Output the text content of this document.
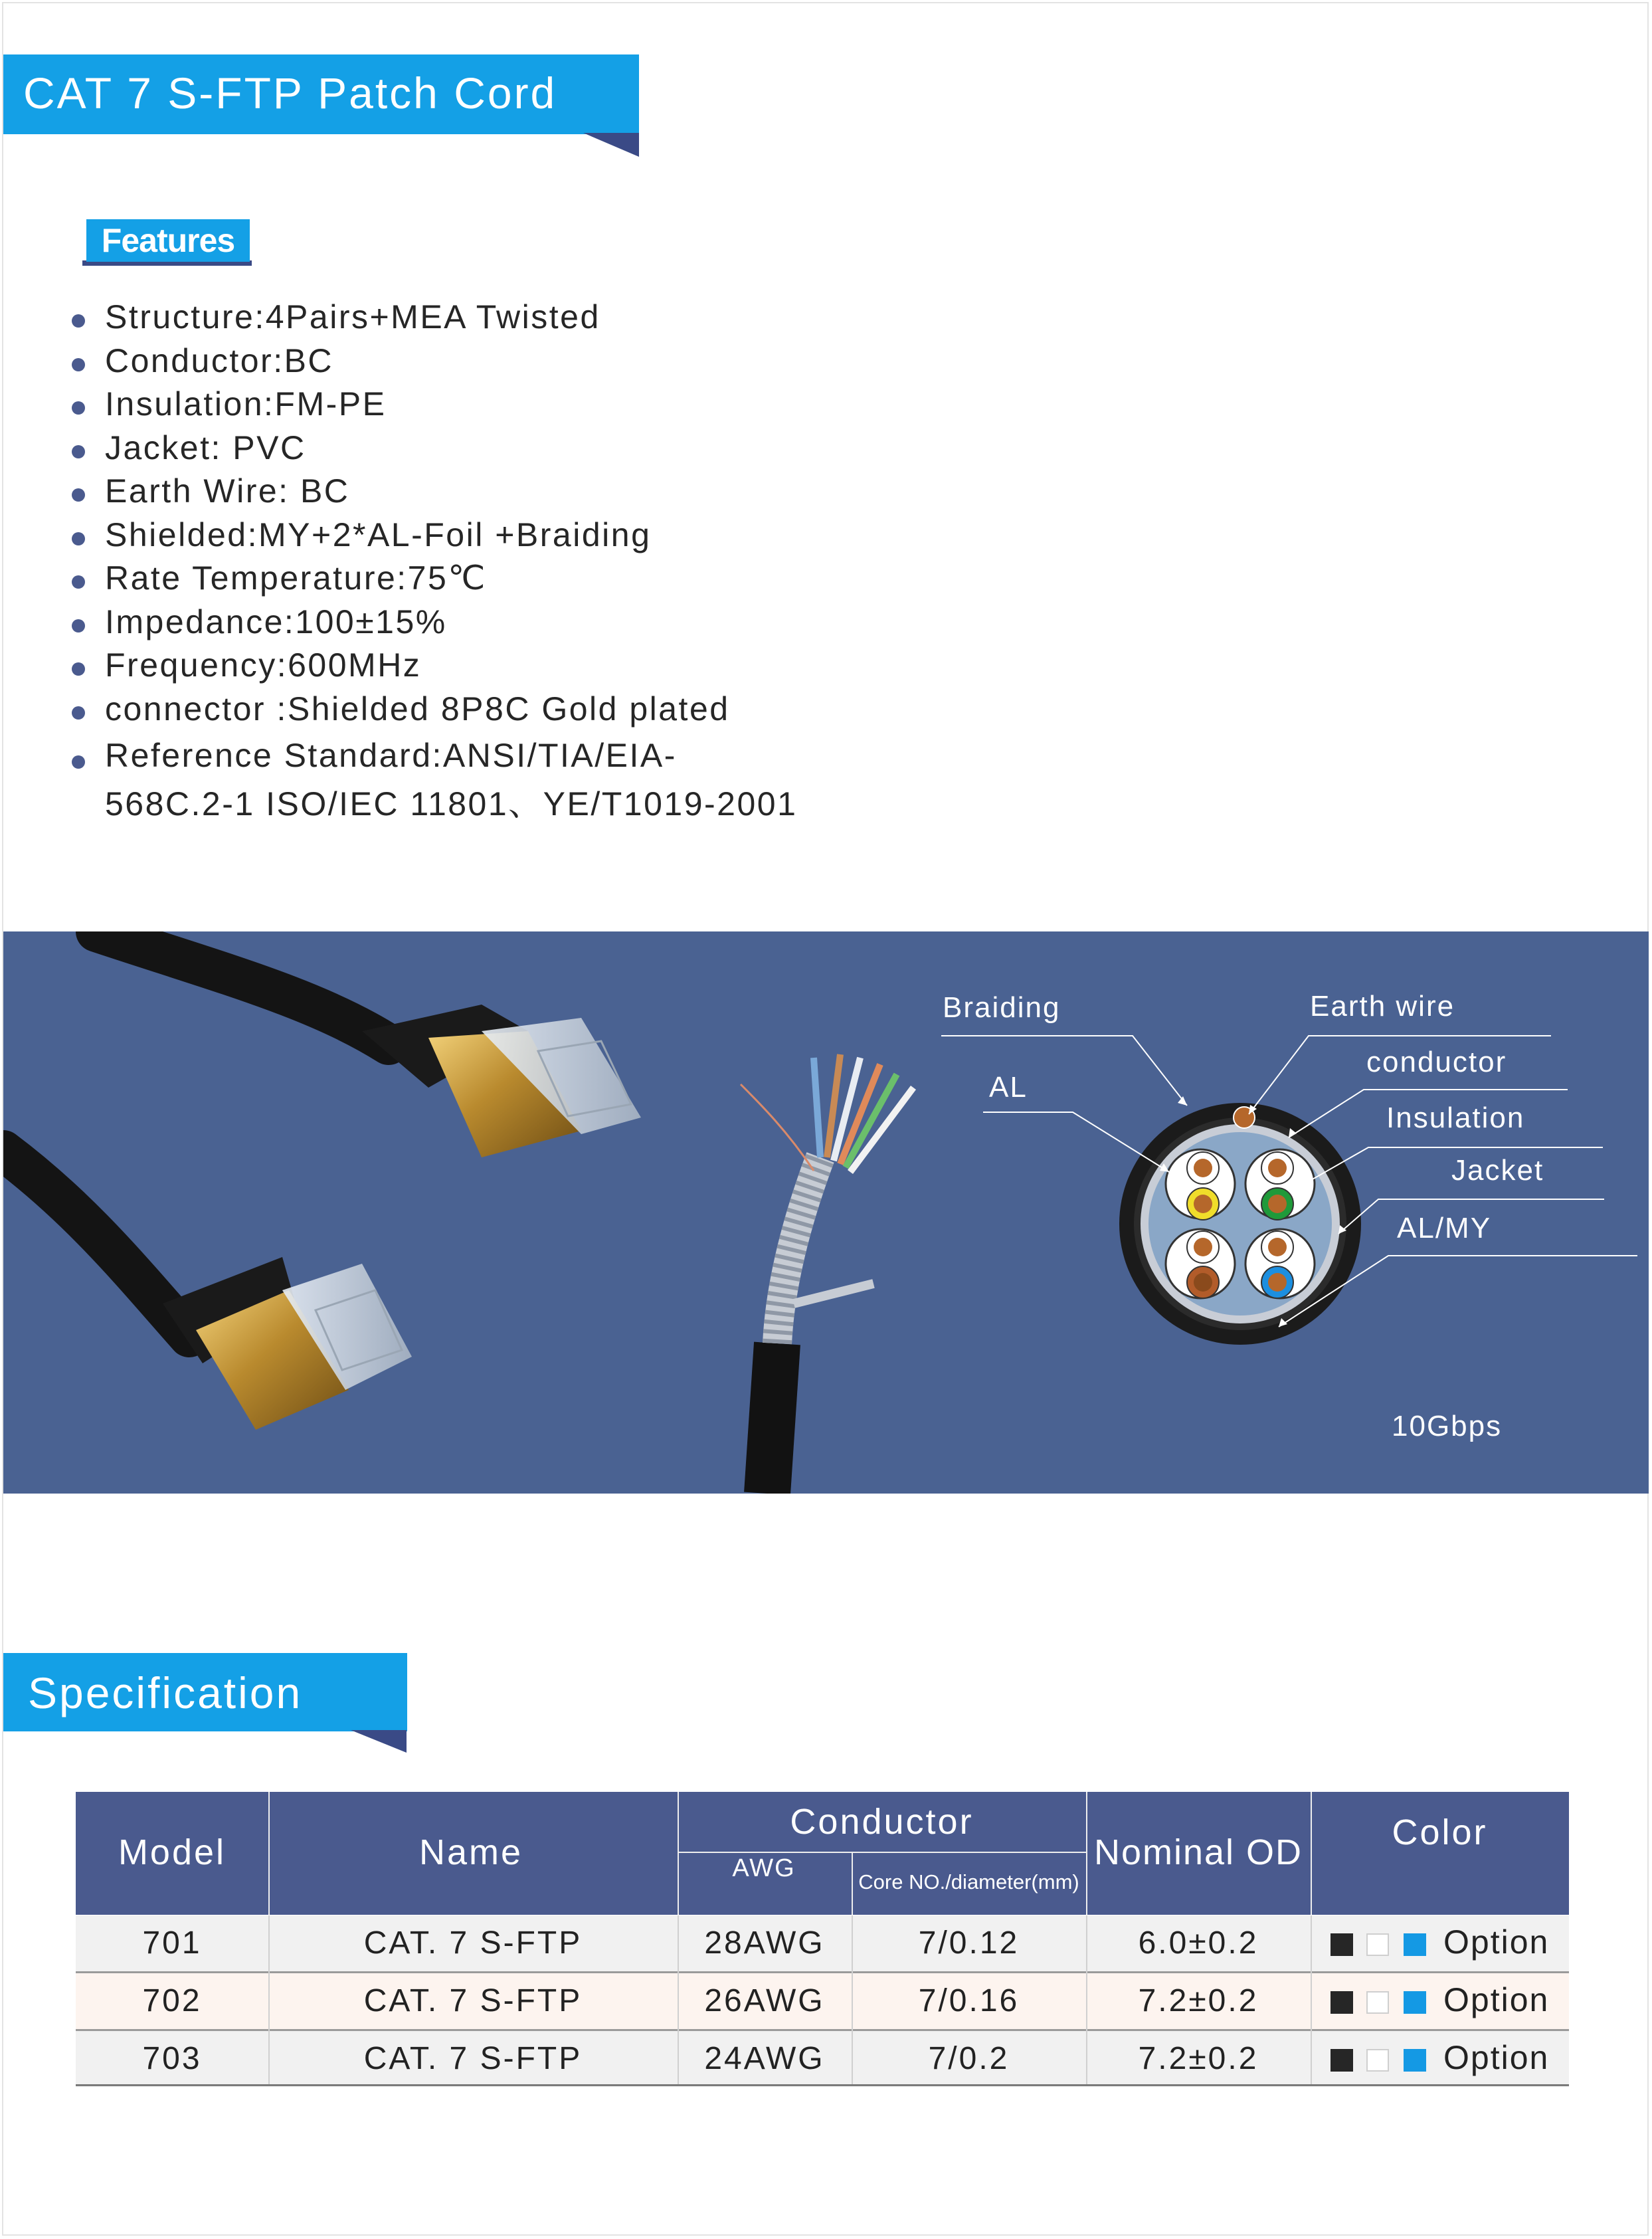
CAT 7 S-FTP Patch Cord
Features
Structure:4Pairs+MEA Twisted
Conductor:BC
Insulation:FM-PE
Jacket: PVC
Earth Wire: BC
Shielded:MY+2*AL-Foil +Braiding
Rate Temperature:75℃
Impedance:100±15%
Frequency:600MHz
connector :Shielded 8P8C Gold plated
Reference Standard:ANSI/TIA/EIA-
568C.2-1 ISO/IEC 11801、YE/T1019-2001
Braiding	Earth wire
AL
conductor
Insulation
Jacket
AL/MY
10Gbps
Specification
Model	Name
Conductor
AWG	Core NO./diameter(mm)
Nominal OD	Color
701	CAT. 7 S-FTP	28AWG	7/0.12	6.0±0.2	Option
702	CAT. 7 S-FTP	26AWG	7/0.16	7.2±0.2	Option
703	CAT. 7 S-FTP	24AWG	7/0.2	7.2±0.2	Option
